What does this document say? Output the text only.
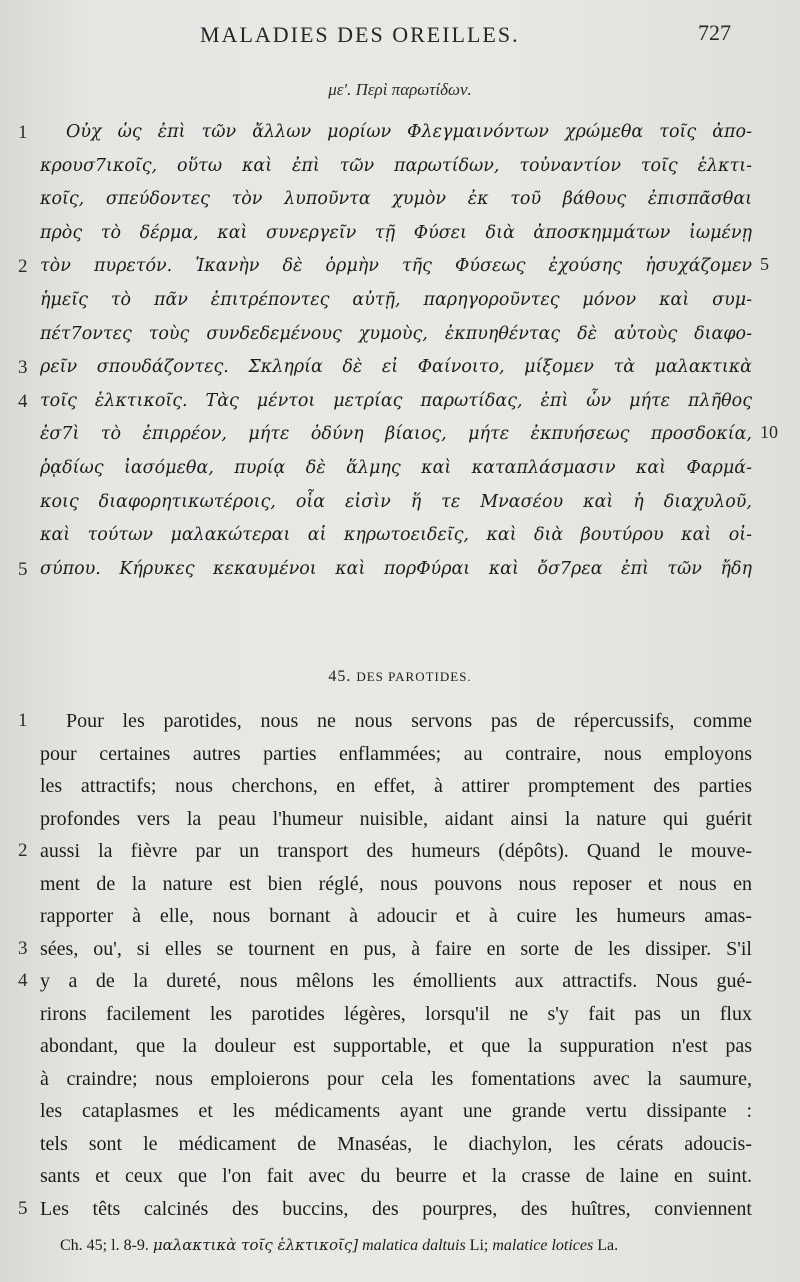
MALADIES DES OREILLES.	727
με'. Περὶ παρωτίδων.
Οὐχ ὡς ἐπὶ τῶν ἄλλων μορίων Φλεγμαινόντων χρώμεθα τοῖς ἀπο-
κρουσ7ικοῖς, οὕτω καὶ ἐπὶ τῶν παρωτίδων, τοὐναντίον τοῖς ἑλκτι-
κοῖς, σπεύδοντες τὸν λυποῦντα χυμὸν ἐκ τοῦ βάθους ἐπισπᾶσθαι
πρὸς τὸ δέρμα, καὶ συνεργεῖν τῇ Φύσει διὰ ἀποσκημμάτων ἰωμένῃ
τὸν πυρετόν. Ἱκανὴν δὲ ὁρμὴν τῆς Φύσεως ἐχούσης ἡσυχάζομεν
ἡμεῖς τὸ πᾶν ἐπιτρέποντες αὐτῇ, παρηγοροῦντες μόνον καὶ συμ-
πέτ7οντες τοὺς συνδεδεμένους χυμοὺς, ἐκπυηθέντας δὲ αὐτοὺς διαφο-
ρεῖν σπουδάζοντες. Σκληρία δὲ εἰ Φαίνοιτο, μίξομεν τὰ μαλακτικὰ
τοῖς ἑλκτικοῖς. Τὰς μέντοι μετρίας παρωτίδας, ἐπὶ ὧν μήτε πλῆθος
ἐσ7ὶ τὸ ἐπιρρέον, μήτε ὀδύνη βίαιος, μήτε ἐκπυήσεως προσδοκία,
ῥᾳδίως ἰασόμεθα, πυρίᾳ δὲ ἅλμης καὶ καταπλάσμασιν καὶ Φαρμά-
κοις διαφορητικωτέροις, οἷα εἰσὶν ἥ τε Μνασέου καὶ ἡ διαχυλοῦ,
καὶ τούτων μαλακώτεραι αἱ κηρωτοειδεῖς, καὶ διὰ βουτύρου καὶ οἰ-
σύπου. Κήρυκες κεκαυμένοι καὶ πορΦύραι καὶ ὄσ7ρεα ἐπὶ τῶν ἤδη
1
2
3
4
5
5
10
45. DES PAROTIDES.
Pour les parotides, nous ne nous servons pas de répercussifs, comme
pour certaines autres parties enflammées; au contraire, nous employons
les attractifs; nous cherchons, en effet, à attirer promptement des parties
profondes vers la peau l'humeur nuisible, aidant ainsi la nature qui guérit
aussi la fièvre par un transport des humeurs (dépôts). Quand le mouve-
ment de la nature est bien réglé, nous pouvons nous reposer et nous en
rapporter à elle, nous bornant à adoucir et à cuire les humeurs amas-
sées, ou', si elles se tournent en pus, à faire en sorte de les dissiper. S'il
y a de la dureté, nous mêlons les émollients aux attractifs. Nous gué-
rirons facilement les parotides légères, lorsqu'il ne s'y fait pas un flux
abondant, que la douleur est supportable, et que la suppuration n'est pas
à craindre; nous emploierons pour cela les fomentations avec la saumure,
les cataplasmes et les médicaments ayant une grande vertu dissipante :
tels sont le médicament de Mnaséas, le diachylon, les cérats adoucis-
sants et ceux que l'on fait avec du beurre et la crasse de laine en suint.
Les têts calcinés des buccins, des pourpres, des huîtres, conviennent
1
2
3
4
5
Ch. 45; l. 8-9. μαλακτικὰ τοῖς ἑλκτικοῖς] malatica daltuis Li; malatice lotices La.
